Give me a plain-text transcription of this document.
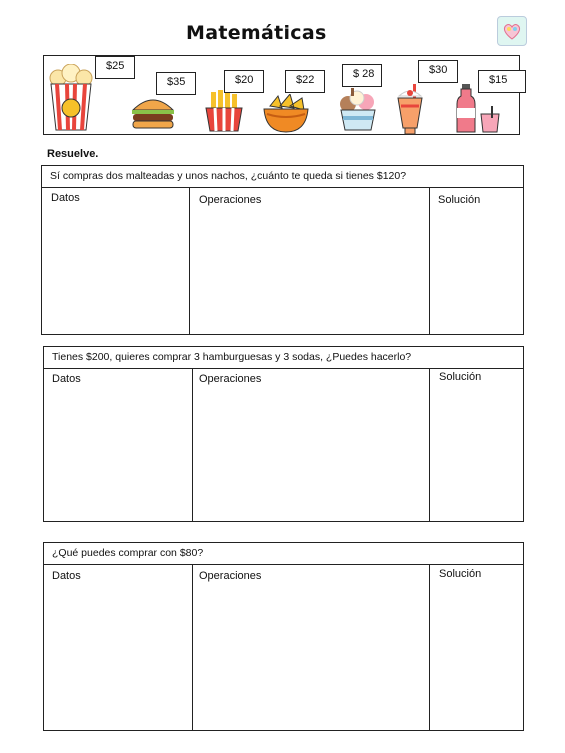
Matemáticas
$25
$35	$20	$22	$ 28	$30
$15
Resuelve.
Sí compras dos malteadas y unos nachos, ¿cuánto te queda si tienes $120?
Datos	Operaciones	Solución
Tienes $200, quieres comprar 3 hamburguesas y 3 sodas, ¿Puedes hacerlo?
Datos	Operaciones	Solución
¿Qué puedes comprar con $80?
Datos	Operaciones	Solución
